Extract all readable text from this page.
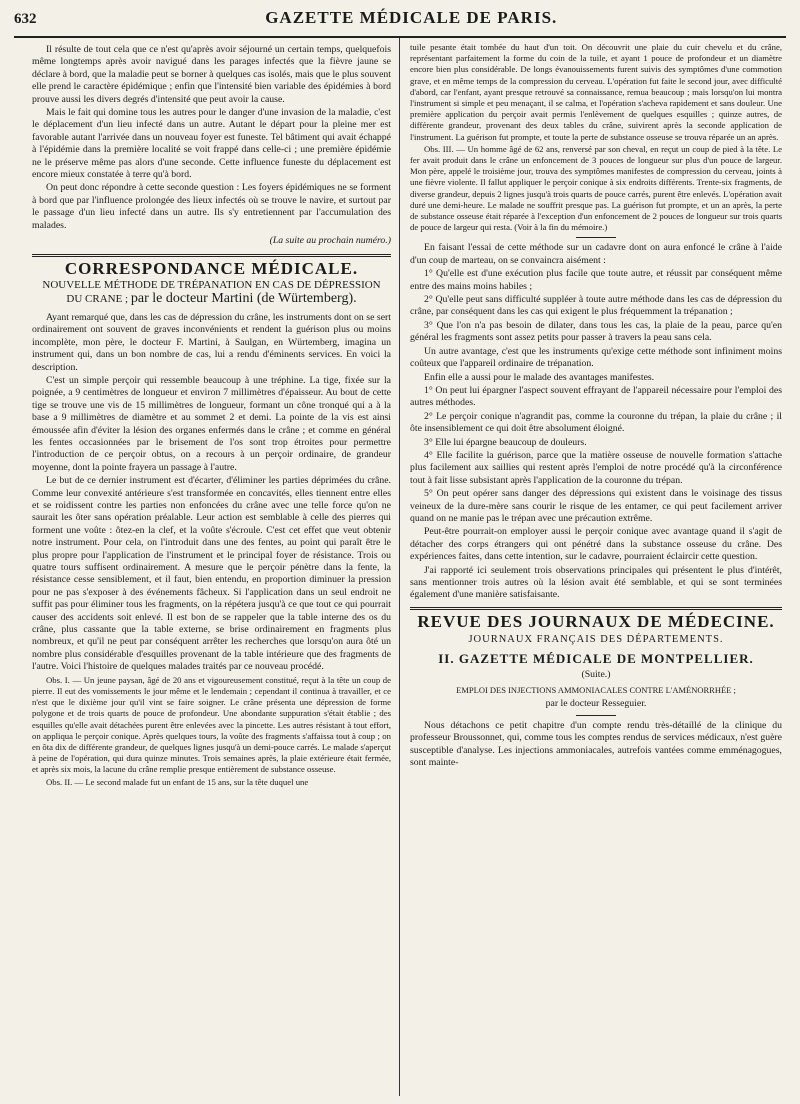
632	GAZETTE MÉDICALE DE PARIS.

Il résulte de tout cela que ce n'est qu'après avoir séjourné un certain temps, quelquefois même longtemps après avoir navigué dans les parages infectés que la fièvre jaune se déclare à bord, que la maladie peut se borner à quelques cas isolés, mais que le plus souvent elle prend le caractère épidémique ; enfin que l'intensité bien variable des épidémies à bord prouve aussi les divers degrés d'intensité que peut avoir la cause.

Mais le fait qui domine tous les autres pour le danger d'une invasion de la maladie, c'est le déplacement d'un lieu infecté dans un autre. Autant le départ pour la pleine mer est favorable autant l'arrivée dans un nouveau foyer est funeste. Tel bâtiment qui avait échappé à l'épidémie dans la première localité se voit frappé dans celle-ci ; une première épidémie ne le préserve même pas alors d'une seconde. Cette influence funeste du déplacement est encore mieux constatée à terre qu'à bord.

On peut donc répondre à cette seconde question : Les foyers épidémiques ne se forment à bord que par l'influence prolongée des lieux infectés où se trouve le navire, et surtout par le passage d'un lieu infecté dans un autre. Ils s'y entretiennent par l'accumulation des malades.

(La suite au prochain numéro.)
CORRESPONDANCE MÉDICALE.
NOUVELLE MÉTHODE DE TRÉPANATION EN CAS DE DÉPRESSION
DU CRANE ; par le docteur Martini (de Würtemberg).

Ayant remarqué que, dans les cas de dépression du crâne, les instruments dont on se sert ordinairement ont souvent de graves inconvénients et rendent la guérison plus ou moins incomplète, mon père, le docteur F. Martini, à Saulgan, en Würtemberg, imagina un instrument qui, dans un bon nombre de cas, lui a rendu d'éminents services. En voici la description.

C'est un simple perçoir qui ressemble beaucoup à une tréphine. La tige, fixée sur la poignée, a 9 centimètres de longueur et environ 7 millimètres d'épaisseur. Au bout de cette tige se trouve une vis de 15 millimètres de longueur, formant un cône tronqué qui a à la base a 9 millimètres de diamètre et au sommet 2 et demi. La pointe de la vis est ainsi émoussée afin d'éviter la lésion des organes enfermés dans le crâne ; et comme en général les fentes occasionnées par le brisement de l'os sont trop étroites pour permettre l'introduction de ce perçoir obtus, on a recours à un perçoir ordinaire, de grandeur moyenne, dont la pointe frayera un passage à l'autre.

Le but de ce dernier instrument est d'écarter, d'éliminer les parties déprimées du crâne. Comme leur convexité antérieure s'est transformée en concavités, elles tiennent entre elles et se roidissent contre les parties non enfoncées du crâne avec une telle force qu'on ne saurait les ôter sans opération préalable. Leur action est semblable à celle des pierres qui forment une voûte : ôtez-en la clef, et la voûte s'écroule. C'est cet effet que veut obtenir notre instrument. Pour cela, on l'introduit dans une des fentes, au point qui paraît être le plus propre pour l'application de l'instrument et le principal foyer de résistance. Trois ou quatre tours suffisent ordinairement. A mesure que le perçoir pénètre dans la fente, la résistance cesse sensiblement, et il faut, bien entendu, en proportion diminuer la pression pour ne pas s'exposer à des événements fâcheux. Si l'application dans un seul endroit ne suffit pas pour éliminer tous les fragments, on la répétera jusqu'à ce que tout ce qui pourrait causer des accidents soit enlevé. Il est bon de se rappeler que la table interne des os du crâne, plus cassante que la table externe, se brise ordinairement en fragments plus nombreux, et qu'il ne peut par conséquent arrêter les recherches que lorsqu'on aura ôté un nombre plus considérable d'esquilles provenant de la table intérieure que des fragments de l'autre. Voici l'histoire de quelques malades traités par ce nouveau procédé.

Obs. I. — Un jeune paysan, âgé de 20 ans et vigoureusement constitué, reçut à la tête un coup de pierre. Il eut des vomissements le jour même et le lendemain ; cependant il continua à travailler, et ce n'est que le dixième jour qu'il vint se faire soigner. Le crâne présenta une dépression de forme polygone et de trois quarts de pouce de profondeur. Une abondante suppuration s'était établie ; des esquilles qu'elle avait détachées purent être enlevées avec la pincette. Les autres résistant à tout effort, on appliqua le perçoir conique. Après quelques tours, la voûte des fragments s'affaissa tout à coup ; on en ôta dix de différente grandeur, de quelques lignes jusqu'à un demi-pouce carrés. Le malade s'aperçut à peine de l'opération, qui dura quinze minutes. Trois semaines après, la plaie extérieure était fermée, et après six mois, la lacune du crâne remplie presque entièrement de substance osseuse.

Obs. II. — Le second malade fut un enfant de 15 ans, sur la tête duquel une

tuile pesante était tombée du haut d'un toit. On découvrit une plaie du cuir chevelu et du crâne, représentant parfaitement la forme du coin de la tuile, et ayant 1 pouce de profondeur et un diamètre encore bien plus considérable. De longs évanouissements furent suivis des symptômes d'une commotion grave, et en même temps de la compression du cerveau. L'opération fut faite le second jour, avec difficulté d'abord, car l'enfant, ayant presque retrouvé sa connaissance, remua beaucoup ; mais lorsqu'on lui montra l'instrument si simple et peu menaçant, il se calma, et l'opération s'acheva rapidement et sans douleur. Une première application du perçoir avait permis l'enlèvement de quelques esquilles ; quinze autres, de différente grandeur, provenant des deux tables du crâne, suivirent après la seconde application de l'instrument. La guérison fut prompte, et toute la perte de substance osseuse se trouva réparée un an après.

Obs. III. — Un homme âgé de 62 ans, renversé par son cheval, en reçut un coup de pied à la tête. Le fer avait produit dans le crâne un enfoncement de 3 pouces de longueur sur plus d'un pouce de largeur. Mon père, appelé le troisième jour, trouva des symptômes manifestes de compression du cerveau, joints à une fièvre violente. Il fallut appliquer le perçoir conique à six endroits différents. Trente-six fragments, de diverse grandeur, depuis 2 lignes jusqu'à trois quarts de pouce carrés, purent être enlevés. L'opération avait duré une demi-heure. Le malade ne souffrit presque pas. La guérison fut prompte, et un an après, la perte de substance osseuse était réparée à l'exception d'un enfoncement de 2 pouces de longueur sur trois quarts de pouce de largeur qui resta. (Voir à la fin du mémoire.)

En faisant l'essai de cette méthode sur un cadavre dont on aura enfoncé le crâne à l'aide d'un coup de marteau, on se convaincra aisément :

1° Qu'elle est d'une exécution plus facile que toute autre, et réussit par conséquent même entre des mains moins habiles ;

2° Qu'elle peut sans difficulté suppléer à toute autre méthode dans les cas de dépression du crâne, par conséquent dans les cas qui exigent le plus fréquemment la trépanation ;

3° Que l'on n'a pas besoin de dilater, dans tous les cas, la plaie de la peau, parce qu'en général les fragments sont assez petits pour passer à travers la peau sans cela.

Un autre avantage, c'est que les instruments qu'exige cette méthode sont infiniment moins coûteux que l'appareil ordinaire de trépanation.

Enfin elle a aussi pour le malade des avantages manifestes.

1° On peut lui épargner l'aspect souvent effrayant de l'appareil nécessaire pour l'emploi des autres méthodes.

2° Le perçoir conique n'agrandit pas, comme la couronne du trépan, la plaie du crâne ; il ôte insensiblement ce qui doit être absolument éloigné.

3° Elle lui épargne beaucoup de douleurs.

4° Elle facilite la guérison, parce que la matière osseuse de nouvelle formation s'attache plus facilement aux saillies qui restent après l'emploi de notre procédé qu'à la circonférence tout à fait lisse subsistant après l'application de la couronne du trépan.

5° On peut opérer sans danger des dépressions qui existent dans le voisinage des tissus veineux de la dure-mère sans courir le risque de les entamer, ce qui peut facilement arriver quand on ne manie pas le trépan avec une précaution extrême.

Peut-être pourrait-on employer aussi le perçoir conique avec avantage quand il s'agit de détacher des corps étrangers qui ont pénétré dans la substance osseuse du crâne. Des expériences faites, dans cette intention, sur le cadavre, pourraient éclaircir cette question.

J'ai rapporté ici seulement trois observations principales qui présentent le plus d'intérêt, sans mentionner trois autres où la lésion avait été semblable, et qui se sont terminées également d'une manière satisfaisante.

REVUE DES JOURNAUX DE MÉDECINE.
JOURNAUX FRANÇAIS DES DÉPARTEMENTS.
II. GAZETTE MÉDICALE DE MONTPELLIER.
(Suite.)
EMPLOI DES INJECTIONS AMMONIACALES CONTRE L'AMÉNORRHÉE ;
par le docteur Resseguier.

Nous détachons ce petit chapitre d'un compte rendu très-détaillé de la clinique du professeur Broussonnet, qui, comme tous les comptes rendus de services médicaux, n'est guère susceptible d'analyse. Les injections ammoniacales, autrefois vantées comme emménagogues, sont mainte-
